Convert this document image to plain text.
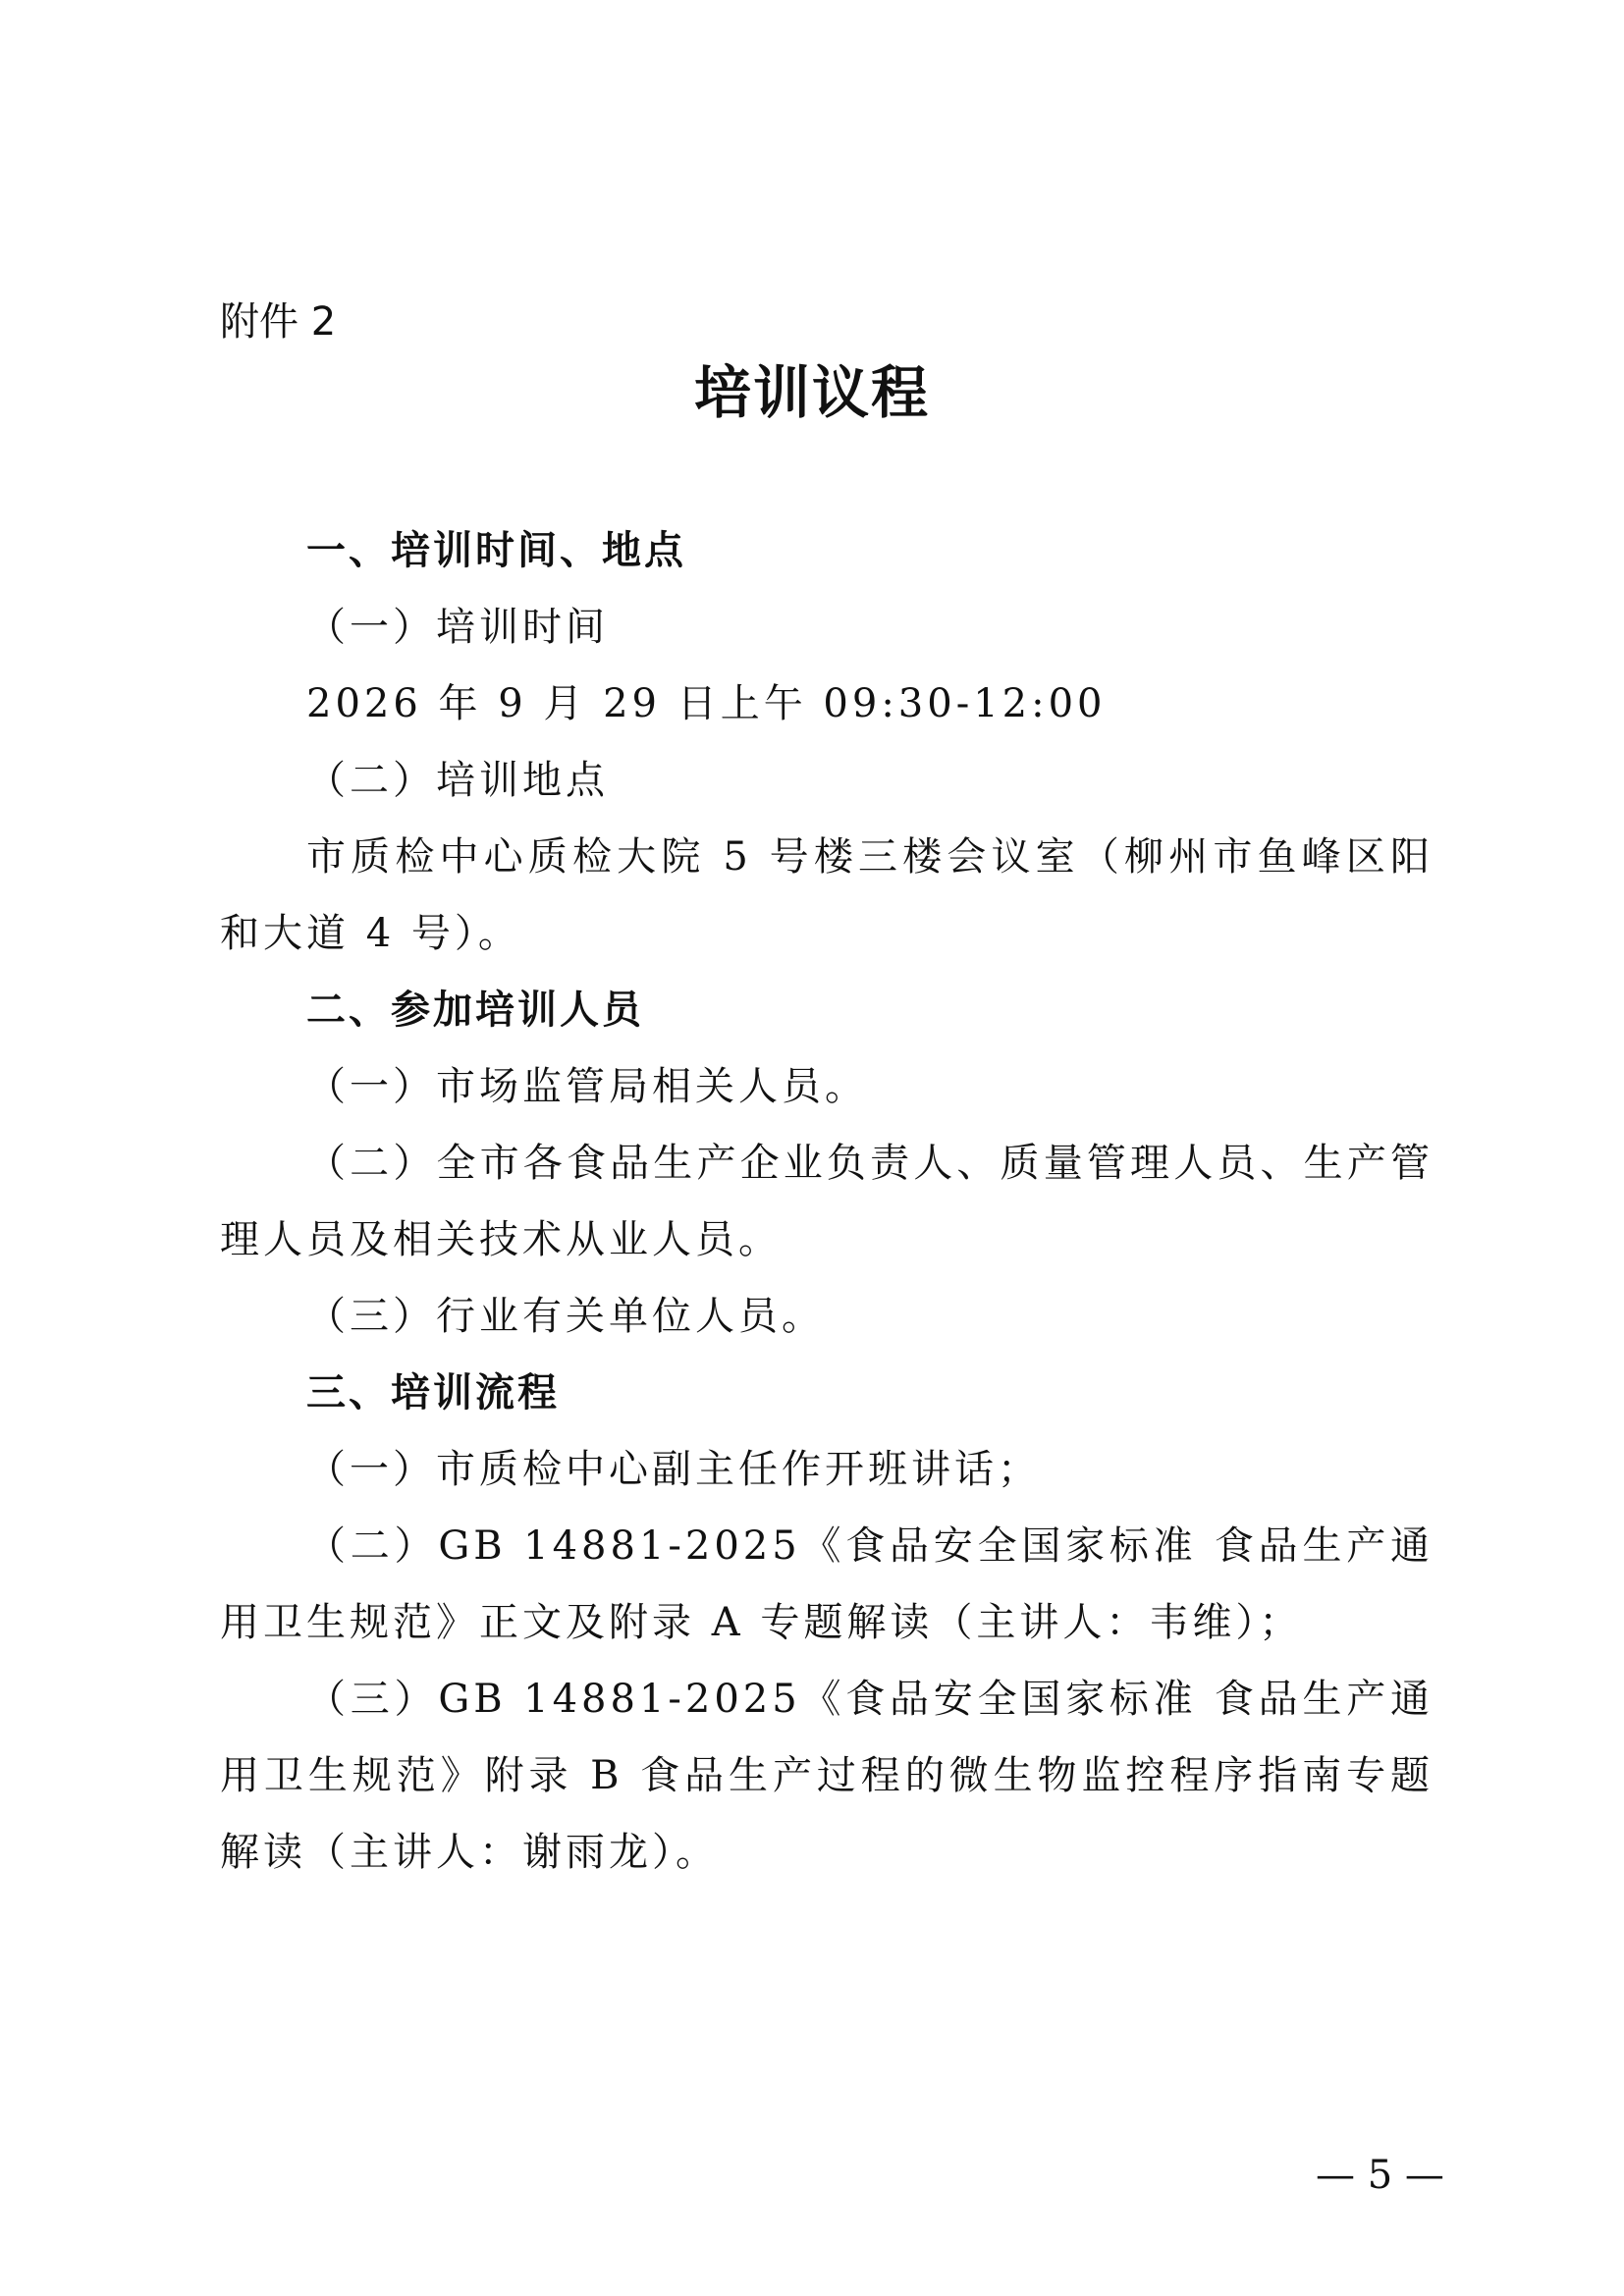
附件 2

培训议程

一、培训时间、地点

（一）培训时间

2026 年 9 月 29 日上午 09:30-12:00

（二）培训地点

市质检中心质检大院 5 号楼三楼会议室（柳州市鱼峰区阳和大道 4 号）。

二、参加培训人员

（一）市场监管局相关人员。

（二）全市各食品生产企业负责人、质量管理人员、生产管理人员及相关技术从业人员。

（三）行业有关单位人员。

三、培训流程

（一）市质检中心副主任作开班讲话；

（二）GB 14881-2025《食品安全国家标准 食品生产通用卫生规范》正文及附录 A 专题解读（主讲人：韦维）；

（三）GB 14881-2025《食品安全国家标准 食品生产通用卫生规范》附录 B 食品生产过程的微生物监控程序指南专题解读（主讲人：谢雨龙）。

— 5 —
